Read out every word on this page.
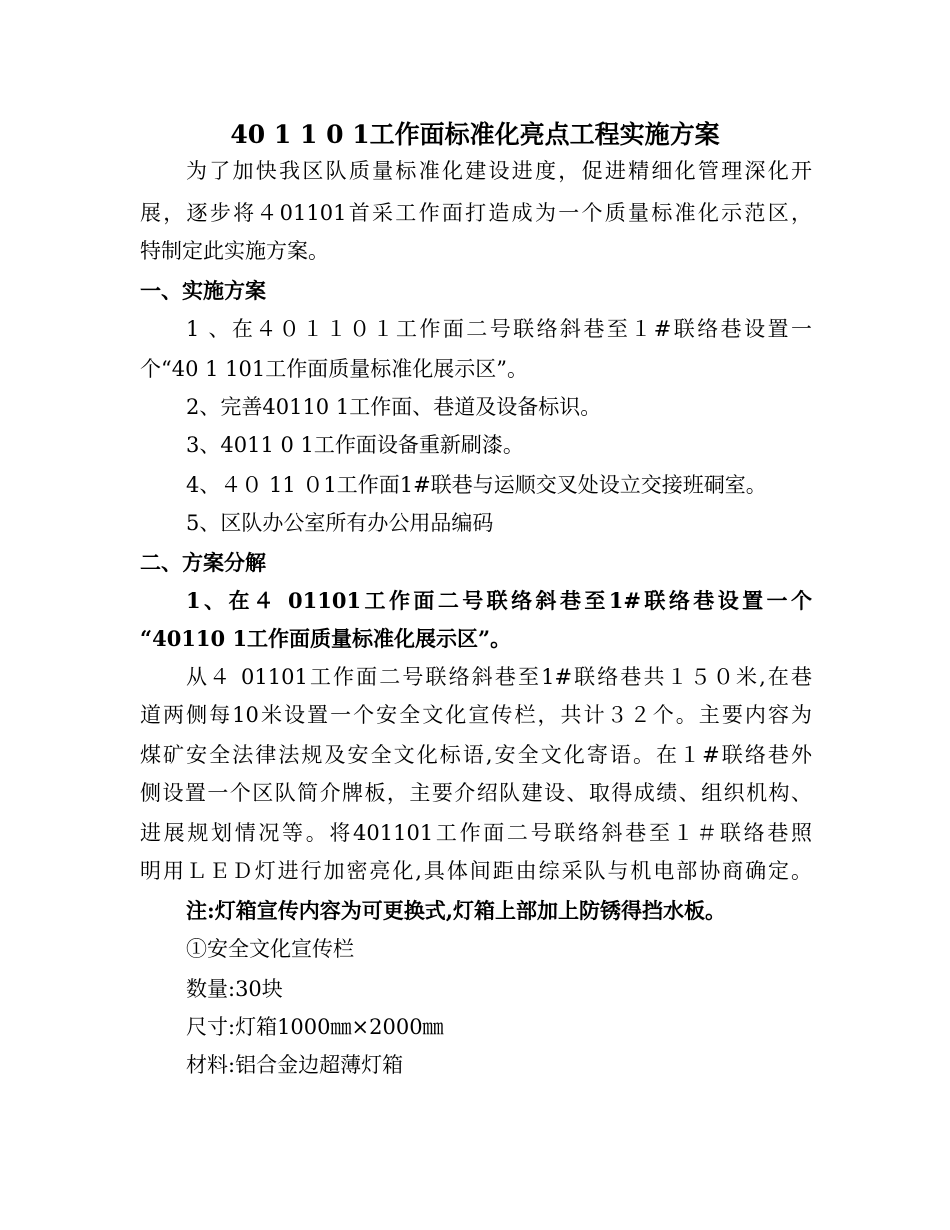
40 1 1 0 1工作面标准化亮点工程实施方案
为了加快我区队质量标准化建设进度，促进精细化管理深化开
展，逐步将４01101首采工作面打造成为一个质量标准化示范区，
特制定此实施方案。
一、实施方案
1 、在４０１１０１工作面二号联络斜巷至１#联络巷设置一
个“40 1 101工作面质量标准化展示区”。
2、完善40110 1工作面、巷道及设备标识。
3、4011 0 1工作面设备重新刷漆。
4、４０ 11 ０1工作面1#联巷与运顺交叉处设立交接班硐室。
5、区队办公室所有办公用品编码
二、方案分解
1、在４ 01101工作面二号联络斜巷至1#联络巷设置一个
“40110 1工作面质量标准化展示区”。
从４ 01101工作面二号联络斜巷至1#联络巷共１５０米,在巷
道两侧每10米设置一个安全文化宣传栏，共计３２个。主要内容为
煤矿安全法律法规及安全文化标语,安全文化寄语。在１#联络巷外
侧设置一个区队简介牌板，主要介绍队建设、取得成绩、组织机构、
进展规划情况等。将401101工作面二号联络斜巷至１＃联络巷照
明用ＬＥＤ灯进行加密亮化,具体间距由综采队与机电部协商确定。
注:灯箱宣传内容为可更换式,灯箱上部加上防锈得挡水板。
①安全文化宣传栏
数量:30块
尺寸:灯箱1000㎜×2000㎜
材料:铝合金边超薄灯箱
